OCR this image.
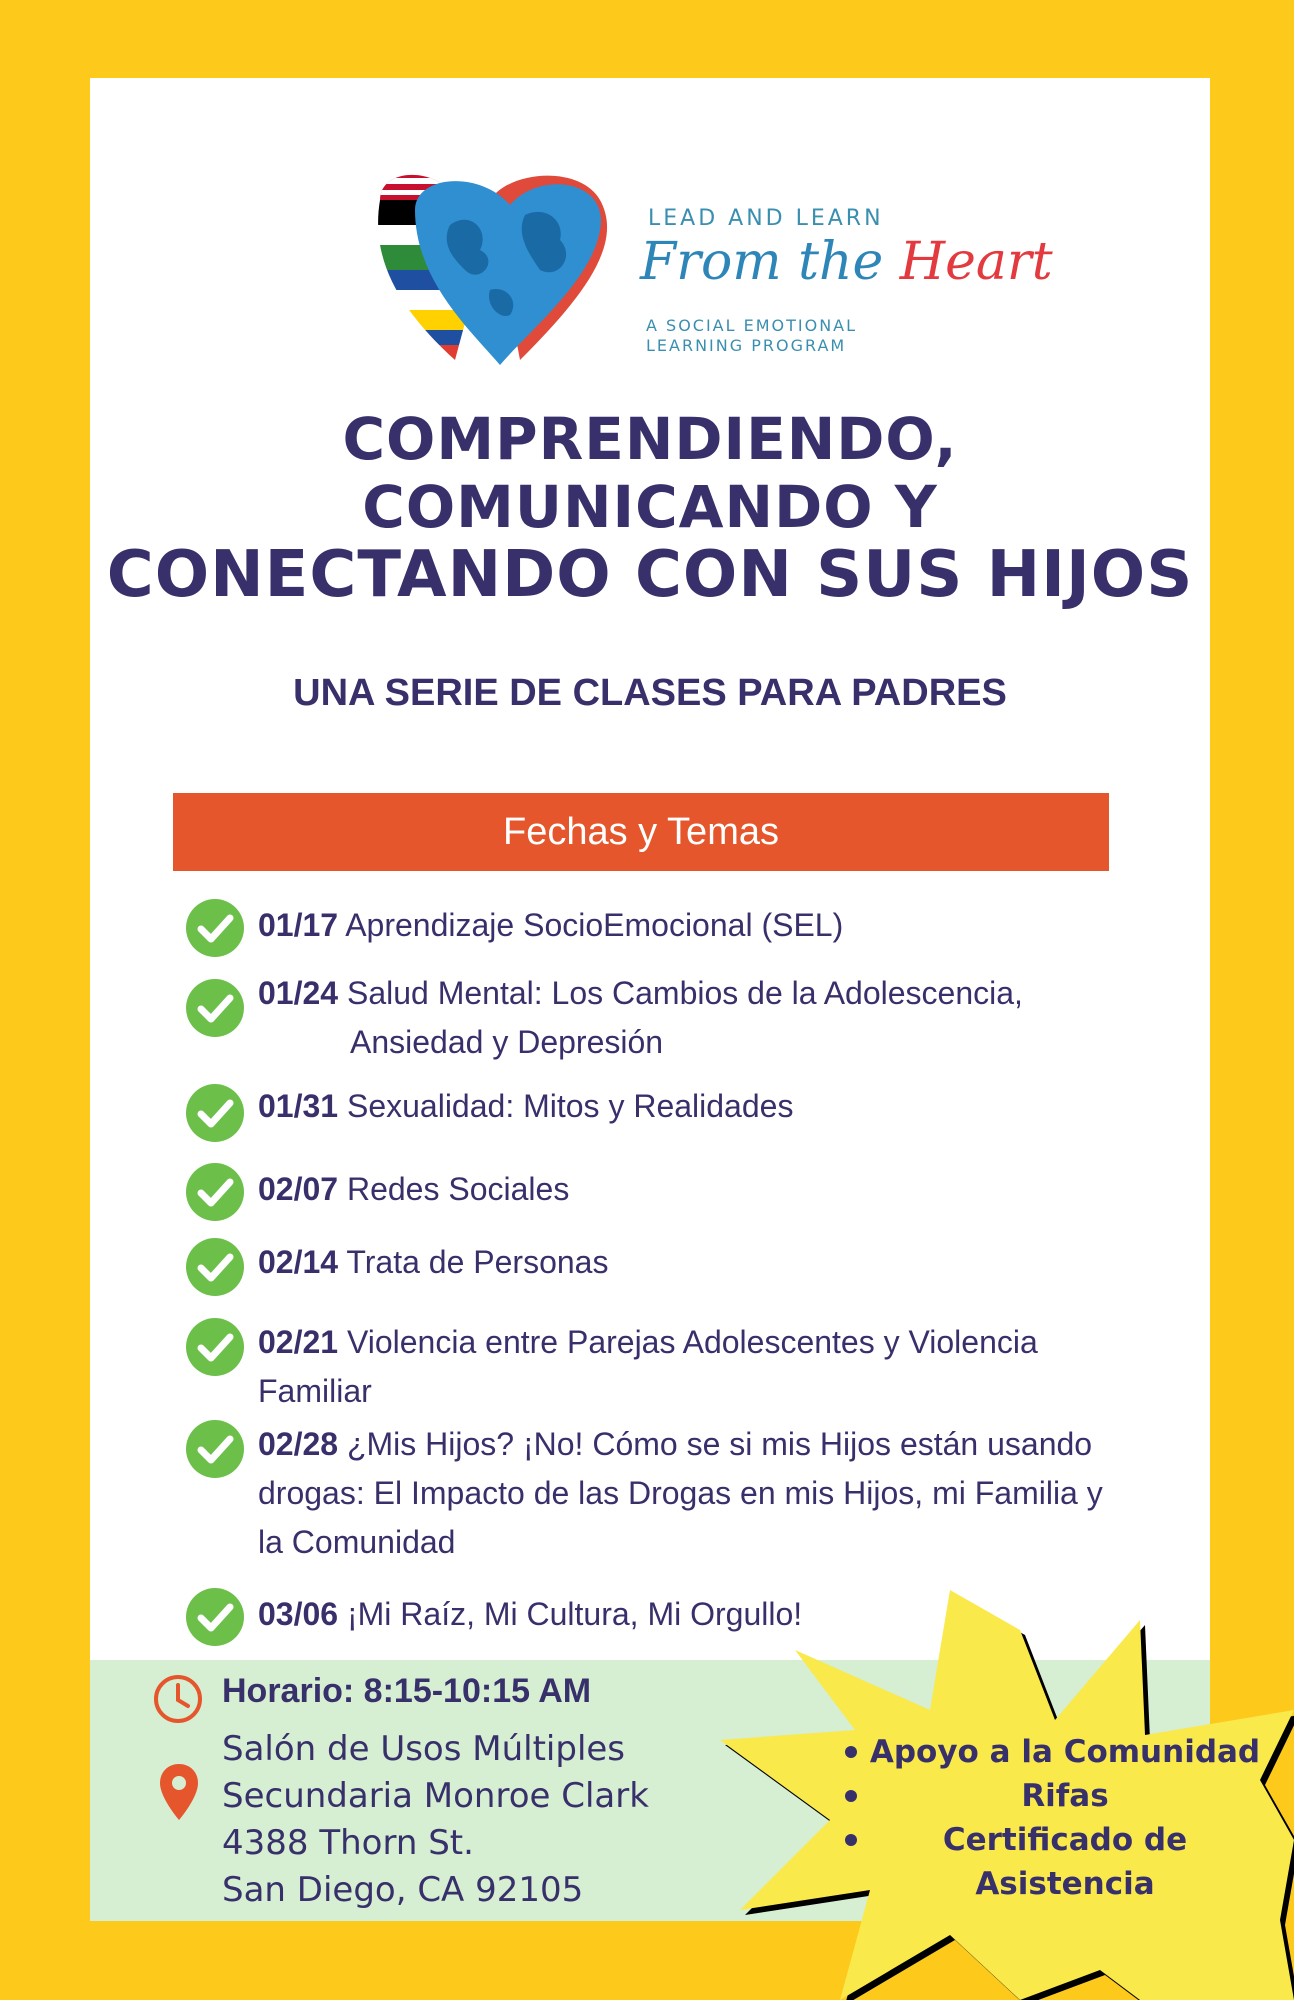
LEAD AND LEARN
From the Heart
A SOCIAL EMOTIONAL
LEARNING PROGRAM
COMPRENDIENDO,
COMUNICANDO Y
CONECTANDO CON SUS HIJOS
UNA SERIE DE CLASES PARA PADRES
Fechas y Temas
01/17 Aprendizaje SocioEmocional (SEL)
01/24 Salud Mental: Los Cambios de la Adolescencia,
Ansiedad y Depresión
01/31 Sexualidad: Mitos y Realidades
02/07 Redes Sociales
02/14 Trata de Personas
02/21 Violencia entre Parejas Adolescentes y Violencia Familiar
02/28 ¿Mis Hijos? ¡No! Cómo se si mis Hijos están usando drogas: El Impacto de las Drogas en mis Hijos, mi Familia y la Comunidad
03/06 ¡Mi Raíz, Mi Cultura, Mi Orgullo!
Horario: 8:15-10:15 AM
Salón de Usos Múltiples
Secundaria Monroe Clark
4388 Thorn St.
San Diego, CA 92105
Apoyo a la Comunidad
Rifas
Certificado de Asistencia
